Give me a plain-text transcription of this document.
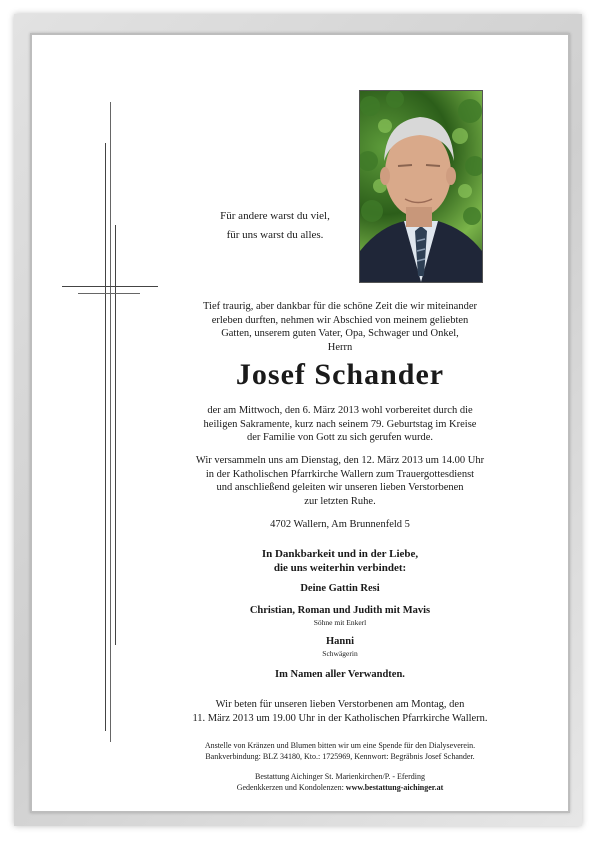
Für andere warst du viel,
für uns warst du alles.
Tief traurig, aber dankbar für die schöne Zeit die wir miteinander
erleben durften, nehmen wir Abschied von meinem geliebten
Gatten, unserem guten Vater, Opa, Schwager und Onkel,
Herrn
Josef Schander
der am Mittwoch, den 6. März 2013 wohl vorbereitet durch die
heiligen Sakramente, kurz nach seinem 79. Geburtstag im Kreise
der Familie von Gott zu sich gerufen wurde.
Wir versammeln uns am Dienstag, den 12. März 2013 um 14.00 Uhr
in der Katholischen Pfarrkirche Wallern zum Trauergottesdienst
und anschließend geleiten wir unseren lieben Verstorbenen
zur letzten Ruhe.
4702 Wallern, Am Brunnenfeld 5
In Dankbarkeit und in der Liebe,
die uns weiterhin verbindet:
Deine Gattin Resi
Christian, Roman und Judith mit Mavis
Söhne mit Enkerl
Hanni
Schwägerin
Im Namen aller Verwandten.
Wir beten für unseren lieben Verstorbenen am Montag, den
11. März 2013 um 19.00 Uhr in der Katholischen Pfarrkirche Wallern.
Anstelle von Kränzen und Blumen bitten wir um eine Spende für den Dialyseverein.
Bankverbindung: BLZ 34180, Kto.: 1725969, Kennwort: Begräbnis Josef Schander.
Bestattung Aichinger St. Marienkirchen/P. - Eferding
Gedenkkerzen und Kondolenzen: www.bestattung-aichinger.at
